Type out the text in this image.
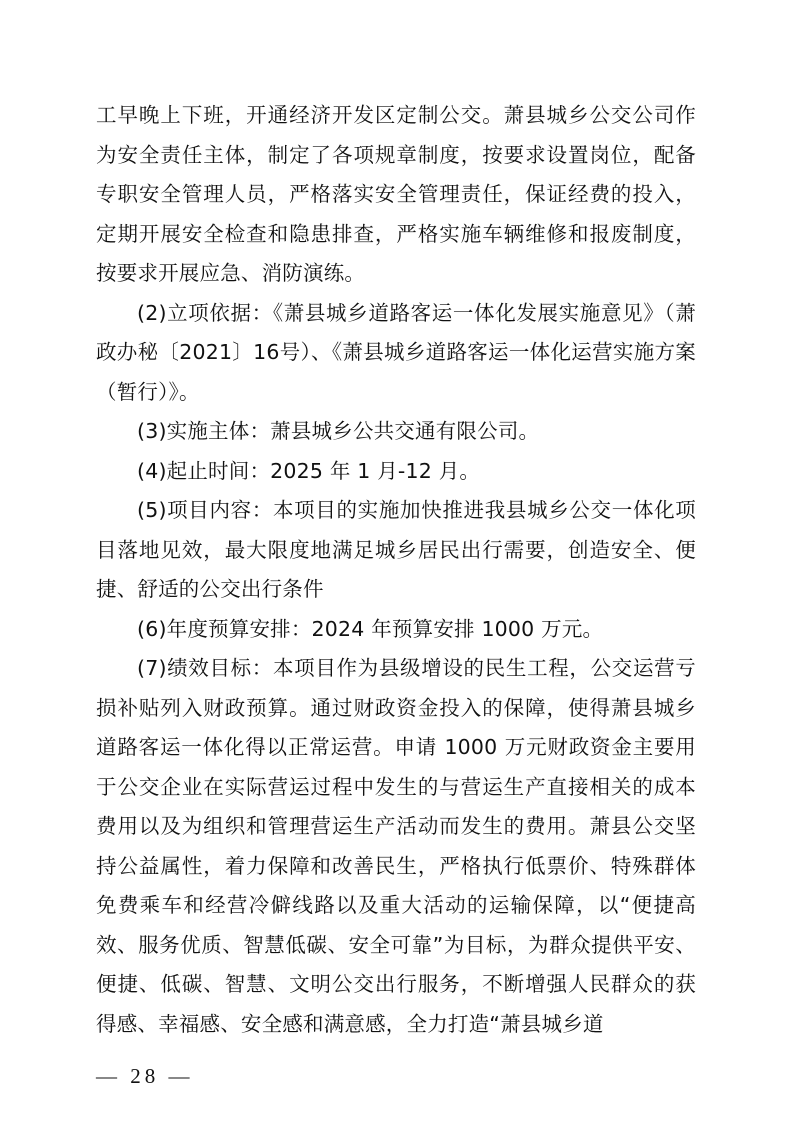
工早晚上下班，开通经济开发区定制公交。萧县城乡公交公司作为安全责任主体，制定了各项规章制度，按要求设置岗位，配备专职安全管理人员，严格落实安全管理责任，保证经费的投入，定期开展安全检查和隐患排查，严格实施车辆维修和报废制度，按要求开展应急、消防演练。

(2)立项依据：《萧县城乡道路客运一体化发展实施意见》（萧政办秘〔2021〕16号）、《萧县城乡道路客运一体化运营实施方案（暂行）》。

(3)实施主体：萧县城乡公共交通有限公司。

(4)起止时间：2025 年 1 月-12 月。

(5)项目内容：本项目的实施加快推进我县城乡公交一体化项目落地见效，最大限度地满足城乡居民出行需要，创造安全、便捷、舒适的公交出行条件

(6)年度预算安排：2024 年预算安排 1000 万元。

(7)绩效目标：本项目作为县级增设的民生工程，公交运营亏损补贴列入财政预算。通过财政资金投入的保障，使得萧县城乡道路客运一体化得以正常运营。申请 1000 万元财政资金主要用于公交企业在实际营运过程中发生的与营运生产直接相关的成本费用以及为组织和管理营运生产活动而发生的费用。萧县公交坚持公益属性，着力保障和改善民生，严格执行低票价、特殊群体免费乘车和经营冷僻线路以及重大活动的运输保障，以“便捷高效、服务优质、智慧低碳、安全可靠”为目标，为群众提供平安、便捷、低碳、智慧、文明公交出行服务，不断增强人民群众的获得感、幸福感、安全感和满意感，全力打造“萧县城乡道

— 28 —
